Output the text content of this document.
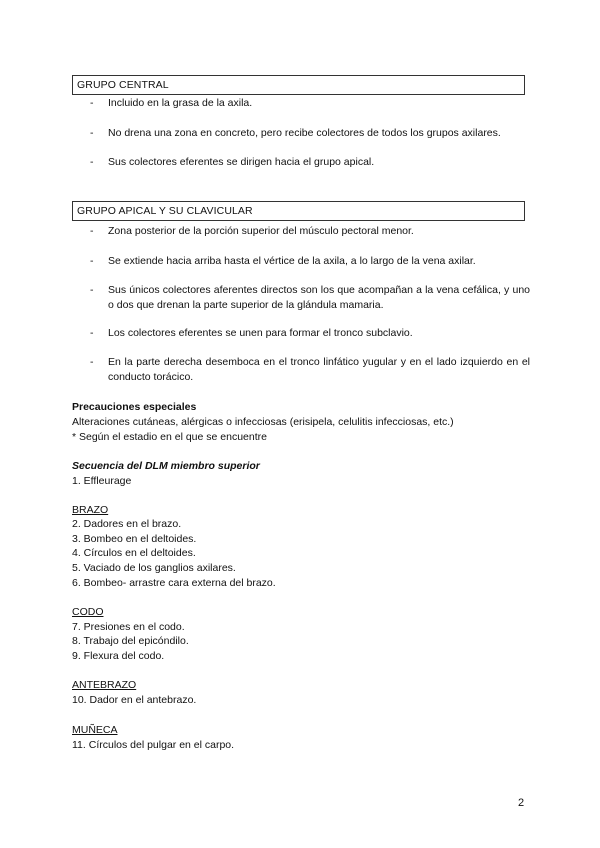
GRUPO CENTRAL
- Incluido en la grasa de la axila.
- No drena una zona en concreto, pero recibe colectores de todos los grupos axilares.
- Sus colectores eferentes se dirigen hacia el grupo apical.
GRUPO APICAL Y SU CLAVICULAR
- Zona posterior de la porción superior del músculo pectoral menor.
- Se extiende hacia arriba hasta el vértice de la axila, a lo largo de la vena axilar.
- Sus únicos colectores aferentes directos son los que acompañan a la vena cefálica, y uno o dos que drenan la parte superior de la glándula mamaria.
- Los colectores eferentes se unen para formar el tronco subclavio.
- En la parte derecha desemboca en el tronco linfático yugular y en el lado izquierdo en el conducto torácico.
Precauciones especiales
Alteraciones cutáneas, alérgicas o infecciosas (erisipela, celulitis infecciosas, etc.)
* Según el estadio en el que se encuentre
Secuencia del DLM miembro superior
1. Effleurage
BRAZO
2. Dadores en el brazo.
3. Bombeo en el deltoides.
4. Círculos en el deltoides.
5. Vaciado de los ganglios axilares.
6. Bombeo- arrastre cara externa del brazo.
CODO
7. Presiones en el codo.
8. Trabajo del epicóndilo.
9. Flexura del codo.
ANTEBRAZO
10. Dador en el antebrazo.
MUÑECA
11. Círculos del pulgar en el carpo.
2
